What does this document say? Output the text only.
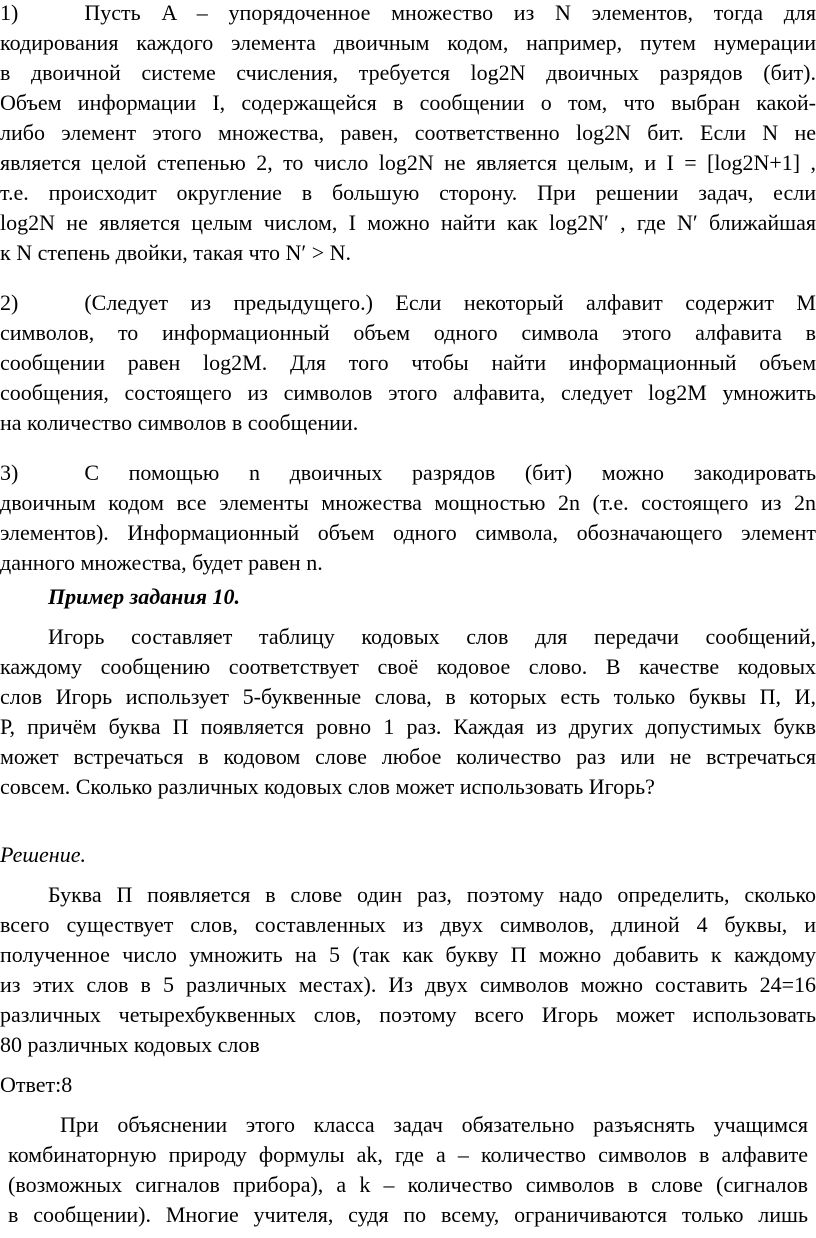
1)   Пусть A – упорядоченное множество из N элементов, тогда для
кодирования каждого элемента двоичным кодом, например, путем нумерации
в двоичной системе счисления, требуется log2N двоичных разрядов (бит).
Объем информации I, содержащейся в сообщении о том, что выбран какой-
либо элемент этого множества, равен, соответственно log2N бит. Если N не
является целой степенью 2, то число log2N не является целым, и I = [log2N+1] ,
т.е. происходит округление в большую сторону. При решении задач, если
log2N не является целым числом, I можно найти как log2N′ , где N′ ближайшая
к N степень двойки, такая что N′ > N.
2)   (Следует из предыдущего.) Если некоторый алфавит содержит M
символов, то информационный объем одного символа этого алфавита в
сообщении равен log2M. Для того чтобы найти информационный объем
сообщения, состоящего из символов этого алфавита, следует log2M умножить
на количество символов в сообщении.
3)   С помощью n двоичных разрядов (бит) можно закодировать
двоичным кодом все элементы множества мощностью 2n (т.е. состоящего из 2n
элементов). Информационный объем одного символа, обозначающего элемент
данного множества, будет равен n.
Пример задания 10.
Игорь составляет таблицу кодовых слов для передачи сообщений,
каждому сообщению соответствует своё кодовое слово. В качестве кодовых
слов Игорь использует 5-буквенные слова, в которых есть только буквы П, И,
Р, причём буква П появляется ровно 1 раз. Каждая из других допустимых букв
может встречаться в кодовом слове любое количество раз или не встречаться
совсем. Сколько различных кодовых слов может использовать Игорь?
Решение.
Буква П появляется в слове один раз, поэтому надо определить, сколько
всего существует слов, составленных из двух символов, длиной 4 буквы, и
полученное число умножить на 5 (так как букву П можно добавить к каждому
из этих слов в 5 различных местах). Из двух символов можно составить 24=16
различных четырехбуквенных слов, поэтому всего Игорь может использовать
80 различных кодовых слов
Ответ:8
При объяснении этого класса задач обязательно разъяснять учащимся
комбинаторную природу формулы ak, где a – количество символов в алфавите
(возможных сигналов прибора), а k – количество символов в слове (сигналов
в сообщении). Многие учителя, судя по всему, ограничиваются только лишь
